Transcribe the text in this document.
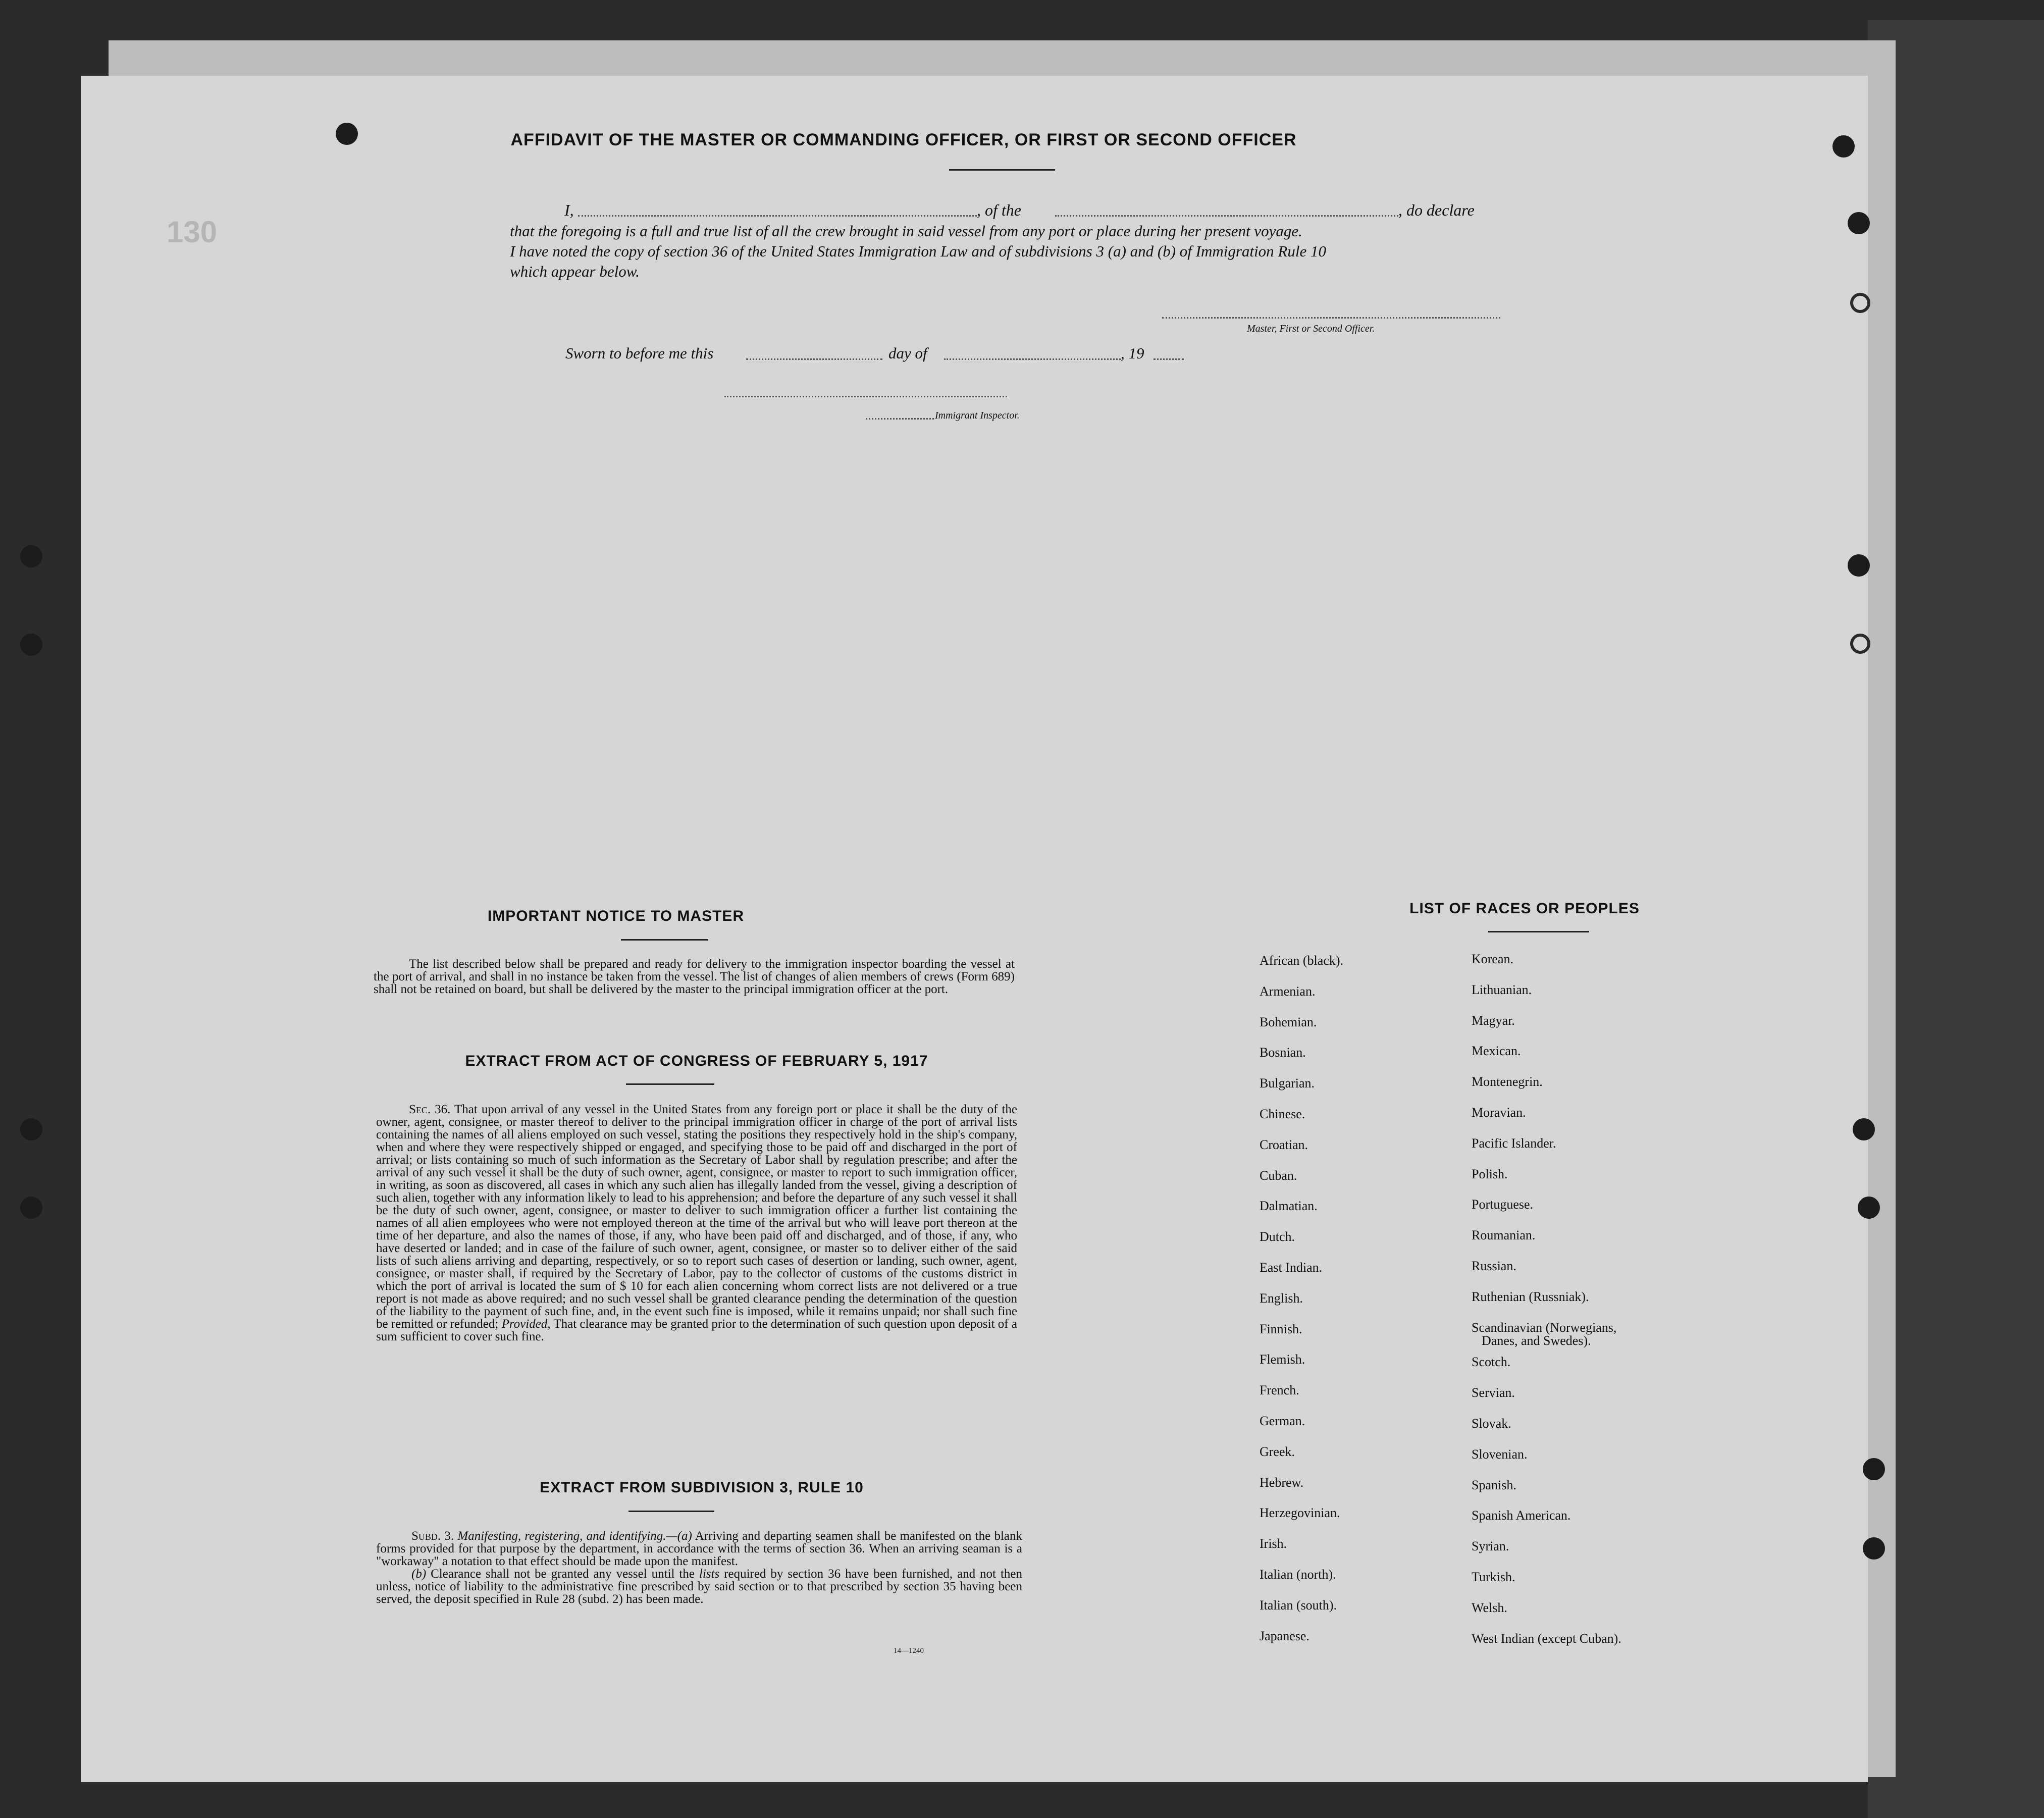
130
AFFIDAVIT OF THE MASTER OR COMMANDING OFFICER, OR FIRST OR SECOND OFFICER
I,	, of the	, do declare
that the foregoing is a full and true list of all the crew brought in said vessel from any port or place during her present voyage.
I have noted the copy of section 36 of the United States Immigration Law and of subdivisions 3 (a) and (b) of Immigration Rule 10
which appear below.
Master, First or Second Officer.
Sworn to before me this	day of	, 19
Immigrant Inspector.
IMPORTANT NOTICE TO MASTER
The list described below shall be prepared and ready for delivery to the immigration inspector boarding the vessel at the port of arrival, and shall in no instance be taken from the vessel. The list of changes of alien members of crews (Form 689) shall not be retained on board, but shall be delivered by the master to the principal immigration officer at the port.
EXTRACT FROM ACT OF CONGRESS OF FEBRUARY 5, 1917
Sec. 36. That upon arrival of any vessel in the United States from any foreign port or place it shall be the duty of the owner, agent, consignee, or master thereof to deliver to the principal immigration officer in charge of the port of arrival lists containing the names of all aliens employed on such vessel, stating the positions they respectively hold in the ship's company, when and where they were respectively shipped or engaged, and specifying those to be paid off and discharged in the port of arrival; or lists containing so much of such information as the Secretary of Labor shall by regulation prescribe; and after the arrival of any such vessel it shall be the duty of such owner, agent, consignee, or master to report to such immigration officer, in writing, as soon as discovered, all cases in which any such alien has illegally landed from the vessel, giving a description of such alien, together with any information likely to lead to his apprehension; and before the departure of any such vessel it shall be the duty of such owner, agent, consignee, or master to deliver to such immigration officer a further list containing the names of all alien employees who were not employed thereon at the time of the arrival but who will leave port thereon at the time of her departure, and also the names of those, if any, who have been paid off and discharged, and of those, if any, who have deserted or landed; and in case of the failure of such owner, agent, consignee, or master so to deliver either of the said lists of such aliens arriving and departing, respectively, or so to report such cases of desertion or landing, such owner, agent, consignee, or master shall, if required by the Secretary of Labor, pay to the collector of customs of the customs district in which the port of arrival is located the sum of $ 10 for each alien concerning whom correct lists are not delivered or a true report is not made as above required; and no such vessel shall be granted clearance pending the determination of the question of the liability to the payment of such fine, and, in the event such fine is imposed, while it remains unpaid; nor shall such fine be remitted or refunded; Provided, That clearance may be granted prior to the determination of such question upon deposit of a sum sufficient to cover such fine.
EXTRACT FROM SUBDIVISION 3, RULE 10
Subd. 3. Manifesting, registering, and identifying.—(a) Arriving and departing seamen shall be manifested on the blank forms provided for that purpose by the department, in accordance with the terms of section 36. When an arriving seaman is a "workaway" a notation to that effect should be made upon the manifest.
(b) Clearance shall not be granted any vessel until the lists required by section 36 have been furnished, and not then unless, notice of liability to the administrative fine prescribed by said section or to that prescribed by section 35 having been served, the deposit specified in Rule 28 (subd. 2) has been made.
14—1240
LIST OF RACES OR PEOPLES
African (black).
Armenian.
Bohemian.
Bosnian.
Bulgarian.
Chinese.
Croatian.
Cuban.
Dalmatian.
Dutch.
East Indian.
English.
Finnish.
Flemish.
French.
German.
Greek.
Hebrew.
Herzegovinian.
Irish.
Italian (north).
Italian (south).
Japanese.
Korean.
Lithuanian.
Magyar.
Mexican.
Montenegrin.
Moravian.
Pacific Islander.
Polish.
Portuguese.
Roumanian.
Russian.
Ruthenian (Russniak).
Scandinavian (Norwegians,
Scotch.
Servian.
Slovak.
Slovenian.
Spanish.
Spanish American.
Syrian.
Turkish.
Welsh.
West Indian (except Cuban).
Danes, and Swedes).
